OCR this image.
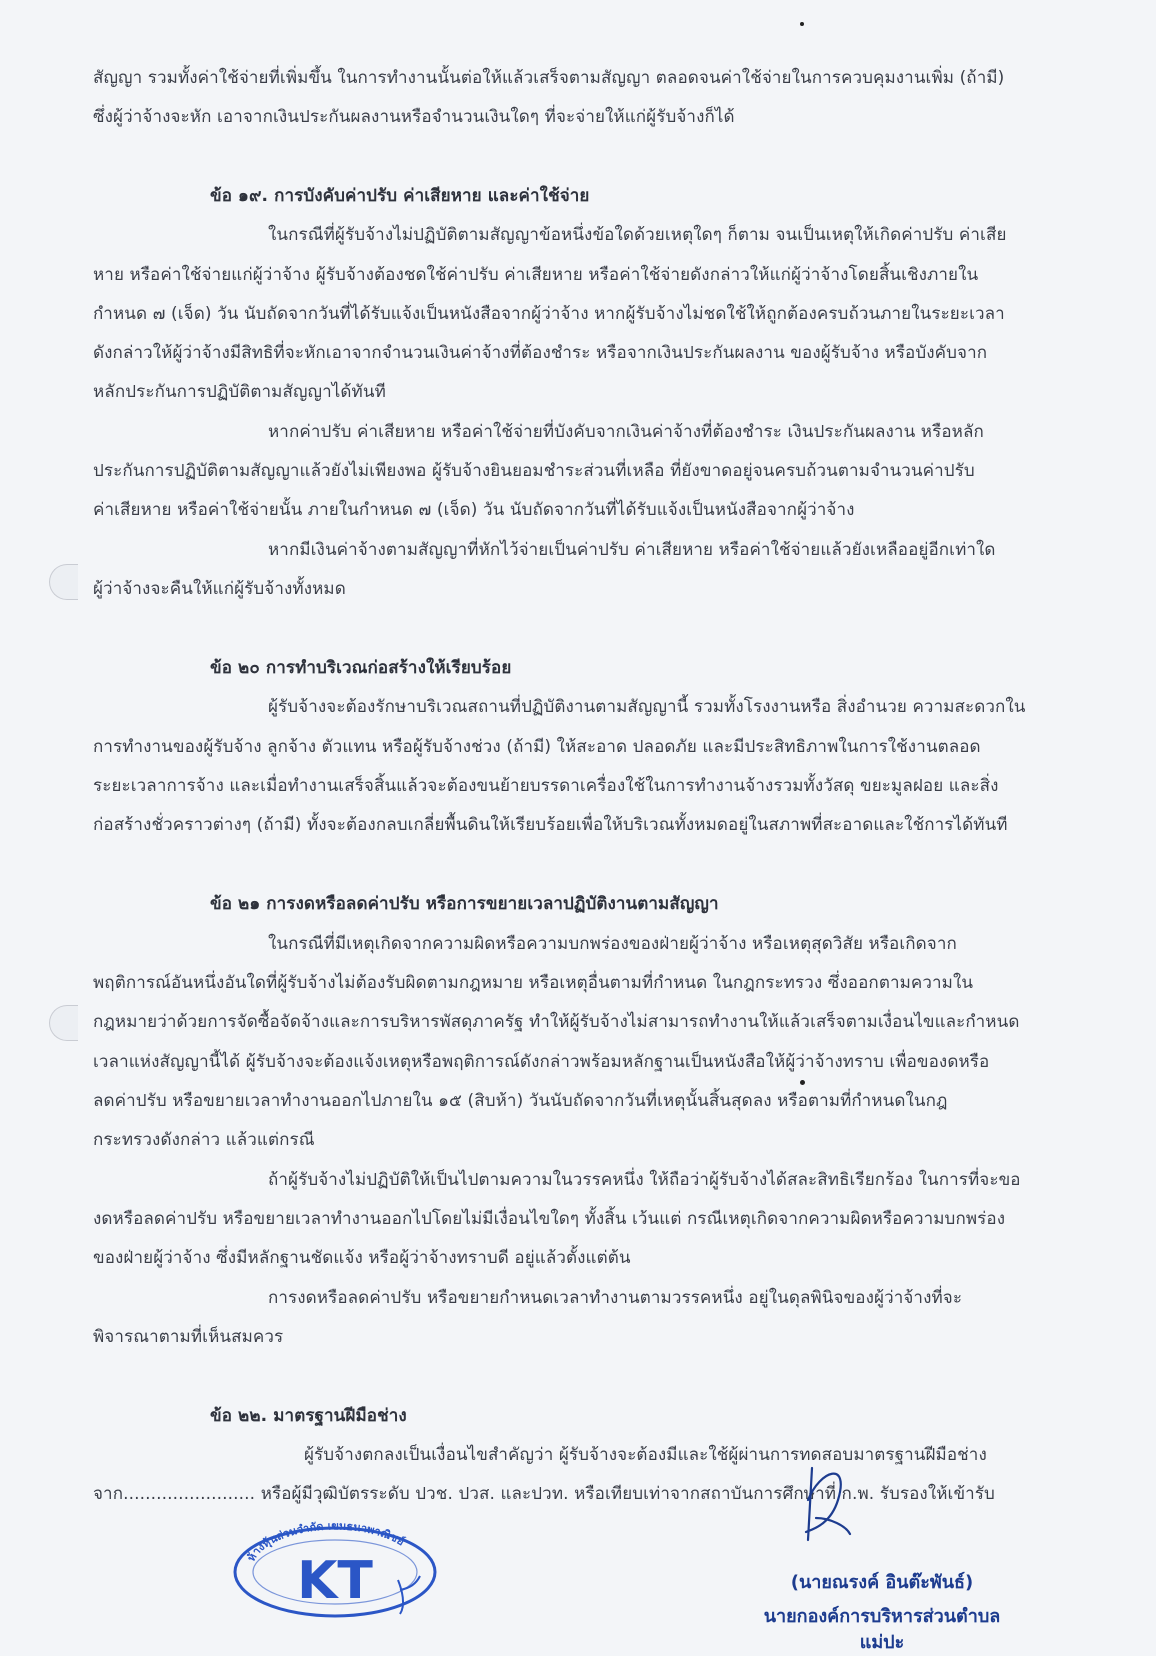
สัญญา รวมทั้งค่าใช้จ่ายที่เพิ่มขึ้น ในการทำงานนั้นต่อให้แล้วเสร็จตามสัญญา ตลอดจนค่าใช้จ่ายในการควบคุมงานเพิ่ม (ถ้ามี)
ซึ่งผู้ว่าจ้างจะหัก เอาจากเงินประกันผลงานหรือจำนวนเงินใดๆ ที่จะจ่ายให้แก่ผู้รับจ้างก็ได้
ข้อ ๑๙. การบังคับค่าปรับ ค่าเสียหาย และค่าใช้จ่าย
ในกรณีที่ผู้รับจ้างไม่ปฏิบัติตามสัญญาข้อหนึ่งข้อใดด้วยเหตุใดๆ ก็ตาม จนเป็นเหตุให้เกิดค่าปรับ ค่าเสีย
หาย หรือค่าใช้จ่ายแก่ผู้ว่าจ้าง ผู้รับจ้างต้องชดใช้ค่าปรับ ค่าเสียหาย หรือค่าใช้จ่ายดังกล่าวให้แก่ผู้ว่าจ้างโดยสิ้นเชิงภายใน
กำหนด ๗ (เจ็ด) วัน นับถัดจากวันที่ได้รับแจ้งเป็นหนังสือจากผู้ว่าจ้าง หากผู้รับจ้างไม่ชดใช้ให้ถูกต้องครบถ้วนภายในระยะเวลา
ดังกล่าวให้ผู้ว่าจ้างมีสิทธิที่จะหักเอาจากจำนวนเงินค่าจ้างที่ต้องชำระ หรือจากเงินประกันผลงาน ของผู้รับจ้าง หรือบังคับจาก
หลักประกันการปฏิบัติตามสัญญาได้ทันที
หากค่าปรับ ค่าเสียหาย หรือค่าใช้จ่ายที่บังคับจากเงินค่าจ้างที่ต้องชำระ เงินประกันผลงาน หรือหลัก
ประกันการปฏิบัติตามสัญญาแล้วยังไม่เพียงพอ ผู้รับจ้างยินยอมชำระส่วนที่เหลือ ที่ยังขาดอยู่จนครบถ้วนตามจำนวนค่าปรับ
ค่าเสียหาย หรือค่าใช้จ่ายนั้น ภายในกำหนด ๗ (เจ็ด) วัน นับถัดจากวันที่ได้รับแจ้งเป็นหนังสือจากผู้ว่าจ้าง
หากมีเงินค่าจ้างตามสัญญาที่หักไว้จ่ายเป็นค่าปรับ ค่าเสียหาย หรือค่าใช้จ่ายแล้วยังเหลืออยู่อีกเท่าใด
ผู้ว่าจ้างจะคืนให้แก่ผู้รับจ้างทั้งหมด
ข้อ ๒๐ การทำบริเวณก่อสร้างให้เรียบร้อย
ผู้รับจ้างจะต้องรักษาบริเวณสถานที่ปฏิบัติงานตามสัญญานี้ รวมทั้งโรงงานหรือ สิ่งอำนวย ความสะดวกใน
การทำงานของผู้รับจ้าง ลูกจ้าง ตัวแทน หรือผู้รับจ้างช่วง (ถ้ามี) ให้สะอาด ปลอดภัย และมีประสิทธิภาพในการใช้งานตลอด
ระยะเวลาการจ้าง และเมื่อทำงานเสร็จสิ้นแล้วจะต้องขนย้ายบรรดาเครื่องใช้ในการทำงานจ้างรวมทั้งวัสดุ ขยะมูลฝอย และสิ่ง
ก่อสร้างชั่วคราวต่างๆ (ถ้ามี) ทั้งจะต้องกลบเกลี่ยพื้นดินให้เรียบร้อยเพื่อให้บริเวณทั้งหมดอยู่ในสภาพที่สะอาดและใช้การได้ทันที
ข้อ ๒๑ การงดหรือลดค่าปรับ หรือการขยายเวลาปฏิบัติงานตามสัญญา
ในกรณีที่มีเหตุเกิดจากความผิดหรือความบกพร่องของฝ่ายผู้ว่าจ้าง หรือเหตุสุดวิสัย หรือเกิดจาก
พฤติการณ์อันหนึ่งอันใดที่ผู้รับจ้างไม่ต้องรับผิดตามกฎหมาย หรือเหตุอื่นตามที่กำหนด ในกฎกระทรวง ซึ่งออกตามความใน
กฎหมายว่าด้วยการจัดซื้อจัดจ้างและการบริหารพัสดุภาครัฐ ทำให้ผู้รับจ้างไม่สามารถทำงานให้แล้วเสร็จตามเงื่อนไขและกำหนด
เวลาแห่งสัญญานี้ได้ ผู้รับจ้างจะต้องแจ้งเหตุหรือพฤติการณ์ดังกล่าวพร้อมหลักฐานเป็นหนังสือให้ผู้ว่าจ้างทราบ เพื่อของดหรือ
ลดค่าปรับ หรือขยายเวลาทำงานออกไปภายใน ๑๕ (สิบห้า) วันนับถัดจากวันที่เหตุนั้นสิ้นสุดลง หรือตามที่กำหนดในกฎ
กระทรวงดังกล่าว แล้วแต่กรณี
ถ้าผู้รับจ้างไม่ปฏิบัติให้เป็นไปตามความในวรรคหนึ่ง ให้ถือว่าผู้รับจ้างได้สละสิทธิเรียกร้อง ในการที่จะขอ
งดหรือลดค่าปรับ หรือขยายเวลาทำงานออกไปโดยไม่มีเงื่อนไขใดๆ ทั้งสิ้น เว้นแต่ กรณีเหตุเกิดจากความผิดหรือความบกพร่อง
ของฝ่ายผู้ว่าจ้าง ซึ่งมีหลักฐานชัดแจ้ง หรือผู้ว่าจ้างทราบดี อยู่แล้วตั้งแต่ต้น
การงดหรือลดค่าปรับ หรือขยายกำหนดเวลาทำงานตามวรรคหนึ่ง อยู่ในดุลพินิจของผู้ว่าจ้างที่จะ
พิจารณาตามที่เห็นสมควร
ข้อ ๒๒. มาตรฐานฝีมือช่าง
ผู้รับจ้างตกลงเป็นเงื่อนไขสำคัญว่า ผู้รับจ้างจะต้องมีและใช้ผู้ผ่านการทดสอบมาตรฐานฝีมือช่าง
จาก........................ หรือผู้มีวุฒิบัตรระดับ ปวช. ปวส. และปวท. หรือเทียบเท่าจากสถาบันการศึกษาที่ ก.พ. รับรองให้เข้ารับ
ห้างหุ้นส่วนจำกัด เขมธนาพาณิชย์
KT	(นายณรงค์ อินต๊ะพันธ์)
นายกองค์การบริหารส่วนตำบลแม่ปะ
